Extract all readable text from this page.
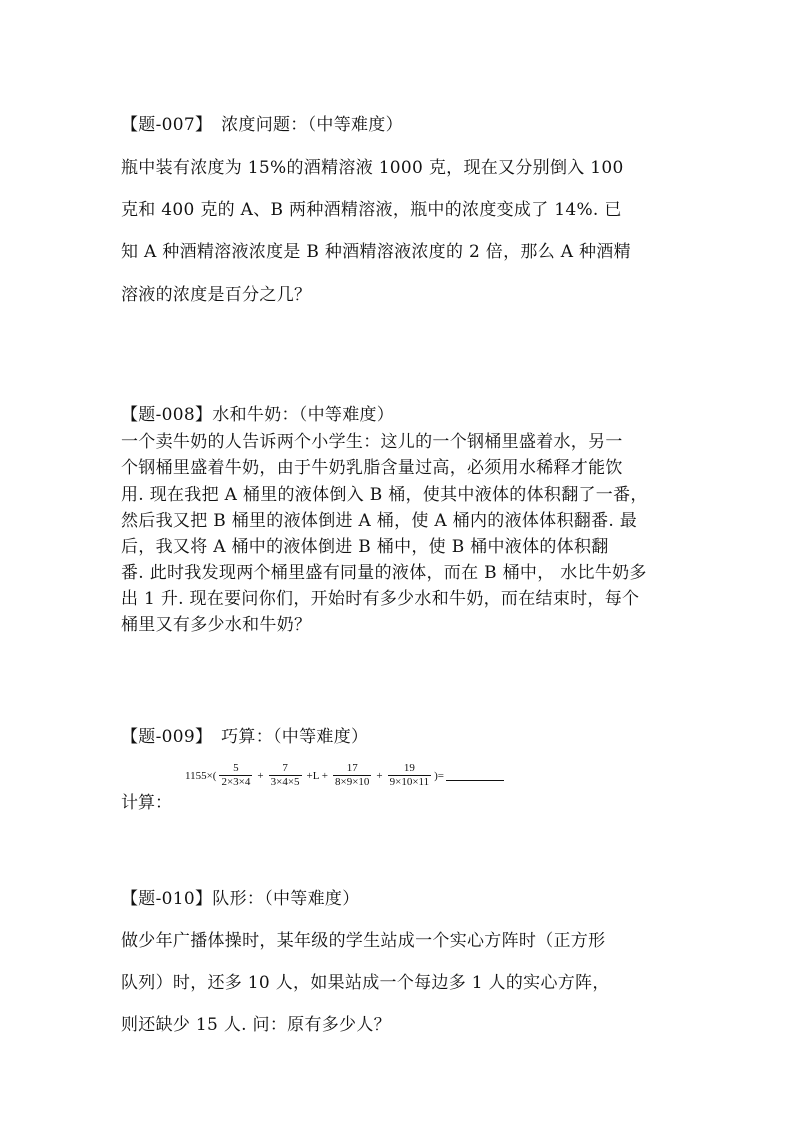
【题-007】　浓度问题：（中等难度）
瓶中装有浓度为 15%的酒精溶液 1000 克，现在又分别倒入 100
克和 400 克的 A、B 两种酒精溶液，瓶中的浓度变成了 14%. 已
知 A 种酒精溶液浓度是 B 种酒精溶液浓度的 2 倍，那么 A 种酒精
溶液的浓度是百分之几？
【题-008】水和牛奶：（中等难度）
一个卖牛奶的人告诉两个小学生：这儿的一个钢桶里盛着水，另一
个钢桶里盛着牛奶，由于牛奶乳脂含量过高，必须用水稀释才能饮
用. 现在我把 A 桶里的液体倒入 B 桶，使其中液体的体积翻了一番，
然后我又把 B 桶里的液体倒进 A 桶，使 A 桶内的液体体积翻番. 最
后，我又将 A 桶中的液体倒进 B 桶中，使 B 桶中液体的体积翻
番. 此时我发现两个桶里盛有同量的液体，而在 B 桶中， 水比牛奶多
出 1 升. 现在要问你们，开始时有多少水和牛奶，而在结束时，每个
桶里又有多少水和牛奶？
【题-009】　巧算：（中等难度）
$1155\times( \frac{5}{2\times 3\times 4} + \frac{7}{3\times 4\times 5} +L + \frac{17}{8\times 9\times 10} + \frac{19}{9\times 10\times 11}$ )=
计算：
【题-010】队形：（中等难度）
做少年广播体操时，某年级的学生站成一个实心方阵时（正方形
队列）时，还多 10 人，如果站成一个每边多 1 人的实心方阵，
则还缺少 15 人. 问：原有多少人？
